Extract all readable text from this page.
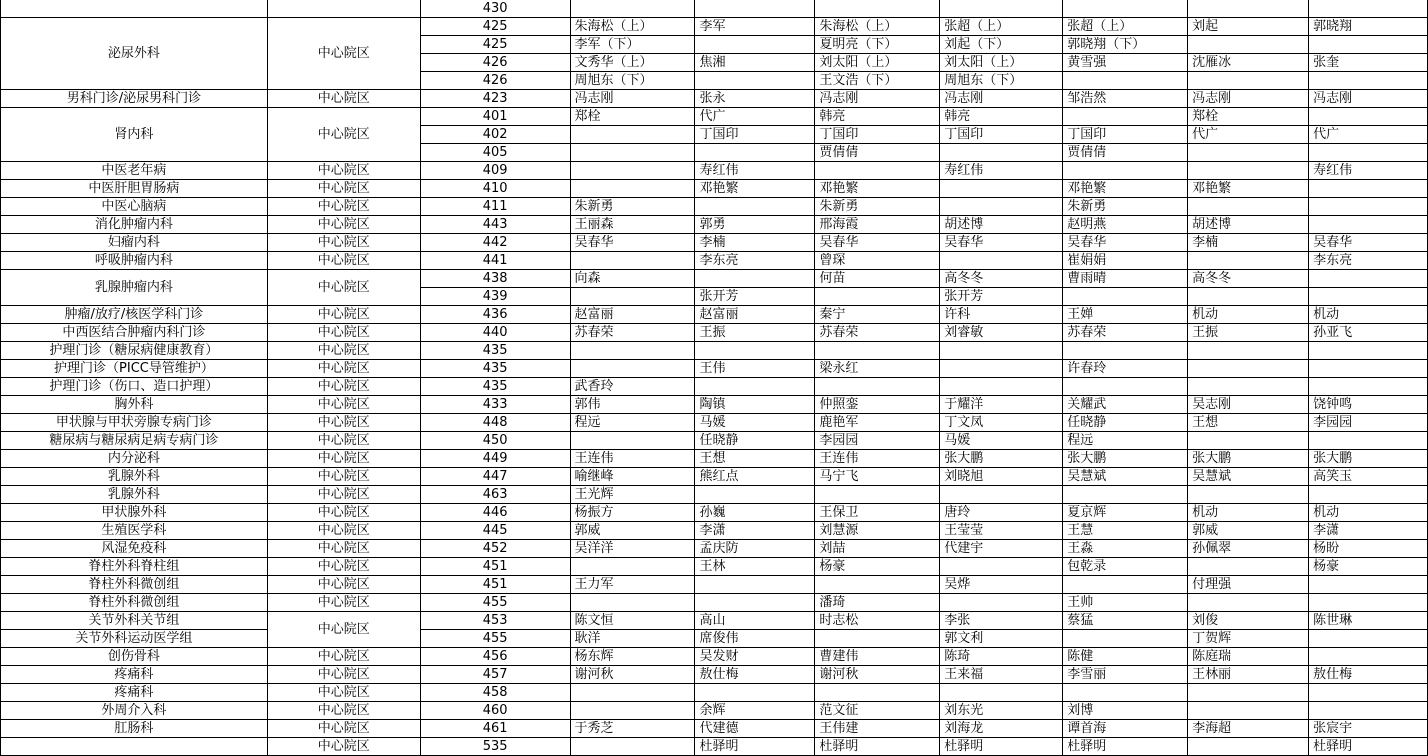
		430							
泌尿外科	中心院区	425	朱海松（上）	李军	朱海松（上）	张超（上）	张超（上）	刘起	郭晓翔
		425	李军（下）		夏明亮（下）	刘起（下）	郭晓翔（下）		
		426	文秀华（上）	焦湘	刘太阳（上）	刘太阳（上）	黄雪强	沈雁冰	张奎
		426	周旭东（下）		王文浩（下）	周旭东（下）			
男科门诊/泌尿男科门诊	中心院区	423	冯志刚	张永	冯志刚	冯志刚	邹浩然	冯志刚	冯志刚
肾内科	中心院区	401	郑栓	代广	韩亮	韩亮		郑栓	
		402		丁国印	丁国印	丁国印	丁国印	代广	代广
		405			贾倩倩		贾倩倩		
中医老年病	中心院区	409		寿红伟		寿红伟			寿红伟
中医肝胆胃肠病	中心院区	410		邓艳繁	邓艳繁		邓艳繁	邓艳繁	
中医心脑病	中心院区	411	朱新勇		朱新勇		朱新勇		
消化肿瘤内科	中心院区	443	王丽森	郭勇	邢海霞	胡述博	赵明燕	胡述博	
妇瘤内科	中心院区	442	吴春华	李楠	吴春华	吴春华	吴春华	李楠	吴春华
呼吸肿瘤内科	中心院区	441		李东亮	曾琛		崔娟娟		李东亮
乳腺肿瘤内科	中心院区	438	向森		何苗	高冬冬	曹雨晴	高冬冬	
		439		张开芳		张开芳			
肿瘤/放疗/核医学科门诊	中心院区	436	赵富丽	赵富丽	秦宁	许科	王婵	机动	机动
中西医结合肿瘤内科门诊	中心院区	440	苏春荣	王振	苏春荣	刘睿敏	苏春荣	王振	孙亚飞
护理门诊（糖尿病健康教育）	中心院区	435							
护理门诊（PICC导管维护）	中心院区	435		王伟	梁永红		许春玲		
护理门诊（伤口、造口护理）	中心院区	435	武香玲						
胸外科	中心院区	433	郭伟	陶镇	仲照銮	于耀洋	关耀武	吴志刚	饶钟鸣
甲状腺与甲状旁腺专病门诊	中心院区	448	程远	马媛	鹿艳军	丁文凤	任晓静	王想	李园园
糖尿病与糖尿病足病专病门诊	中心院区	450		任晓静	李园园	马媛	程远		
内分泌科	中心院区	449	王连伟	王想	王连伟	张大鹏	张大鹏	张大鹏	张大鹏
乳腺外科	中心院区	447	喻继峰	熊红点	马宁飞	刘晓旭	吴慧斌	吴慧斌	高笑玉
乳腺外科	中心院区	463	王光辉						
甲状腺外科	中心院区	446	杨振方	孙巍	王保卫	唐玲	夏京辉	机动	机动
生殖医学科	中心院区	445	郭威	李潇	刘慧源	王莹莹	王慧	郭威	李潇
风湿免疫科	中心院区	452	吴洋洋	孟庆防	刘喆	代建宇	王淼	孙佩翠	杨盼
脊柱外科脊柱组	中心院区	451		王林	杨豪		包乾录		杨豪
脊柱外科微创组	中心院区	451	王力军			吴烨		付理强	
脊柱外科微创组	中心院区	455			潘琦		王帅		
关节外科关节组	中心院区	453	陈文恒	高山	时志松	李张	蔡猛	刘俊	陈世琳
关节外科运动医学组		455	耿洋	席俊伟		郭文利		丁贺辉	
创伤骨科	中心院区	456	杨东辉	吴发财	曹建伟	陈琦	陈健	陈庭瑞	
疼痛科	中心院区	457	谢河秋	敖仕梅	谢河秋	王来福	李雪丽	王林丽	敖仕梅
疼痛科	中心院区	458							
外周介入科	中心院区	460		余辉	范文征	刘东光	刘博		
肛肠科	中心院区	461	于秀芝	代建德	王伟建	刘海龙	谭首海	李海超	张宸宇
	中心院区	535		杜驿明	杜驿明	杜驿明	杜驿明		杜驿明
